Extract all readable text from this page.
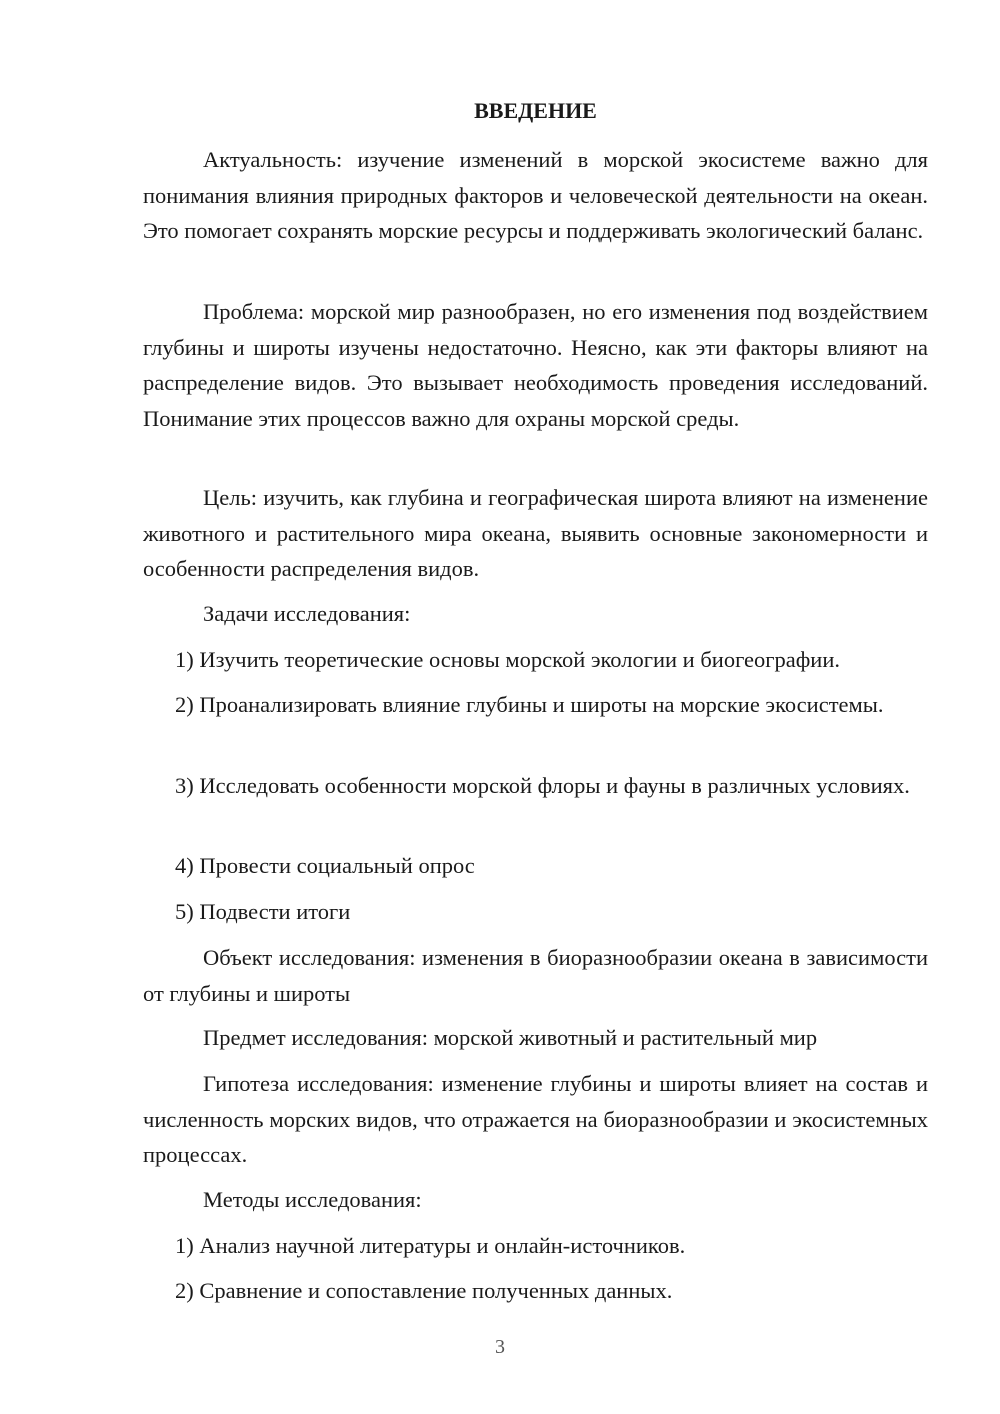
ВВЕДЕНИЕ

Актуальность: изучение изменений в морской экосистеме важно для понимания влияния природных факторов и человеческой деятельности на океан. Это помогает сохранять морские ресурсы и поддерживать экологический баланс.

Проблема: морской мир разнообразен, но его изменения под воздействием глубины и широты изучены недостаточно. Неясно, как эти факторы влияют на распределение видов. Это вызывает необходимость проведения исследований. Понимание этих процессов важно для охраны морской среды.

Цель: изучить, как глубина и географическая широта влияют на изменение животного и растительного мира океана, выявить основные закономерности и особенности распределения видов.

Задачи исследования:

1) Изучить теоретические основы морской экологии и биогеографии.

2) Проанализировать влияние глубины и широты на морские экосистемы.

3) Исследовать особенности морской флоры и фауны в различных условиях.

4) Провести социальный опрос

5) Подвести итоги

Объект исследования: изменения в биоразнообразии океана в зависимости от глубины и широты

Предмет исследования: морской животный и растительный мир

Гипотеза исследования: изменение глубины и широты влияет на состав и численность морских видов, что отражается на биоразнообразии и экосистемных процессах.

Методы исследования:

1) Анализ научной литературы и онлайн-источников.

2) Сравнение и сопоставление полученных данных.

3
